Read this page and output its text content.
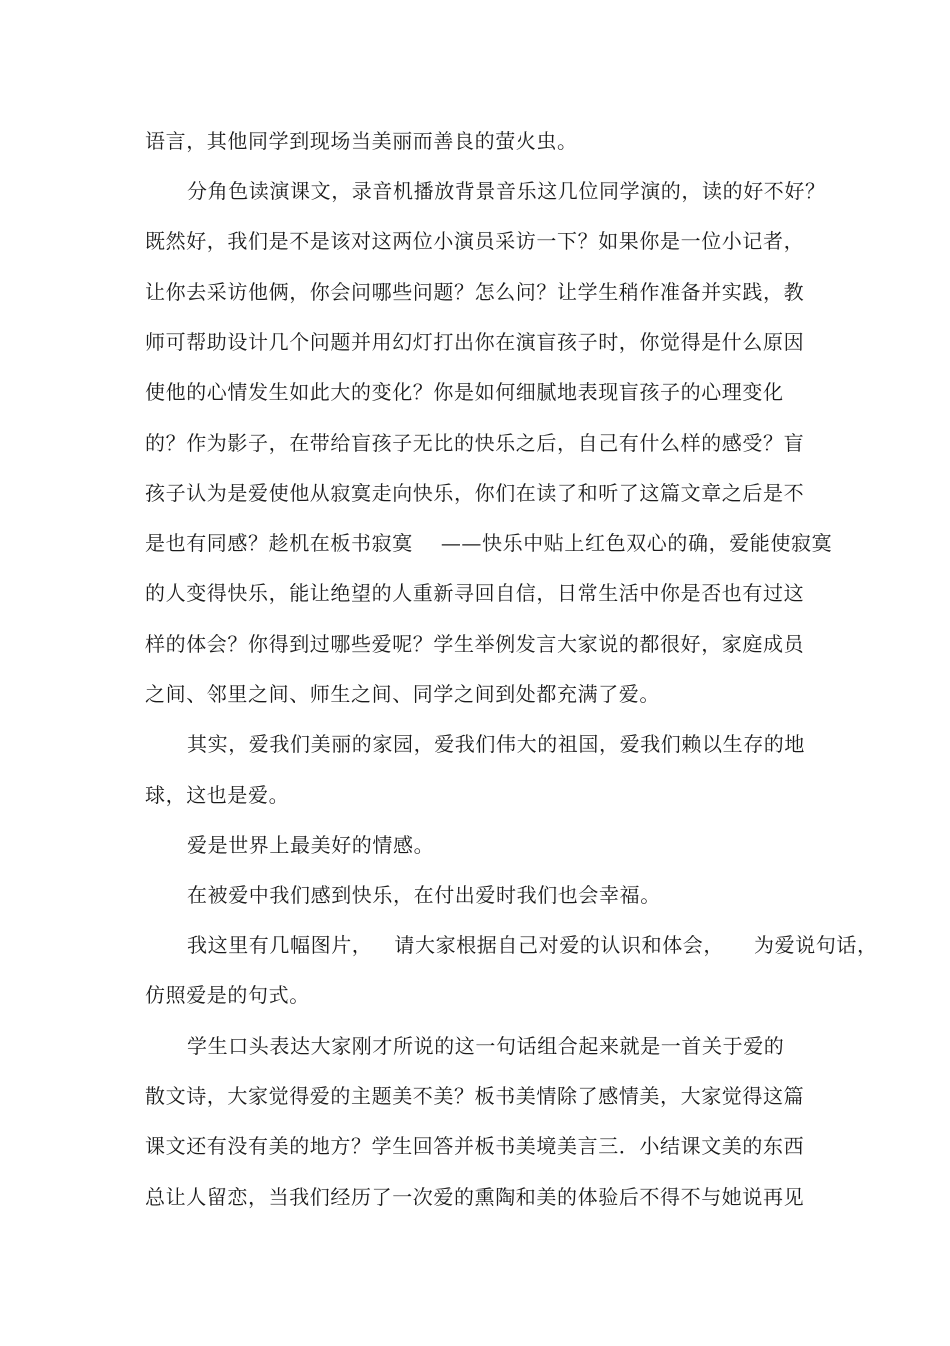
语言，其他同学到现场当美丽而善良的萤火虫。
分角色读演课文，录音机播放背景音乐这几位同学演的，读的好不好？
既然好，我们是不是该对这两位小演员采访一下？如果你是一位小记者，
让你去采访他俩，你会问哪些问题？怎么问？让学生稍作准备并实践，教
师可帮助设计几个问题并用幻灯打出你在演盲孩子时，你觉得是什么原因
使他的心情发生如此大的变化？你是如何细腻地表现盲孩子的心理变化
的？作为影子，在带给盲孩子无比的快乐之后，自己有什么样的感受？盲
孩子认为是爱使他从寂寞走向快乐，你们在读了和听了这篇文章之后是不
是也有同感？趁机在板书寂寞 ——快乐中贴上红色双心的确，爱能使寂寞
的人变得快乐，能让绝望的人重新寻回自信，日常生活中你是否也有过这
样的体会？你得到过哪些爱呢？学生举例发言大家说的都很好，家庭成员
之间、邻里之间、师生之间、同学之间到处都充满了爱。
其实，爱我们美丽的家园，爱我们伟大的祖国，爱我们赖以生存的地
球，这也是爱。
爱是世界上最美好的情感。
在被爱中我们感到快乐，在付出爱时我们也会幸福。
我这里有几幅图片， 请大家根据自己对爱的认识和体会， 为爱说句话，
仿照爱是的句式。
学生口头表达大家刚才所说的这一句话组合起来就是一首关于爱的
散文诗，大家觉得爱的主题美不美？板书美情除了感情美，大家觉得这篇
课文还有没有美的地方？学生回答并板书美境美言三．小结课文美的东西
总让人留恋，当我们经历了一次爱的熏陶和美的体验后不得不与她说再见
